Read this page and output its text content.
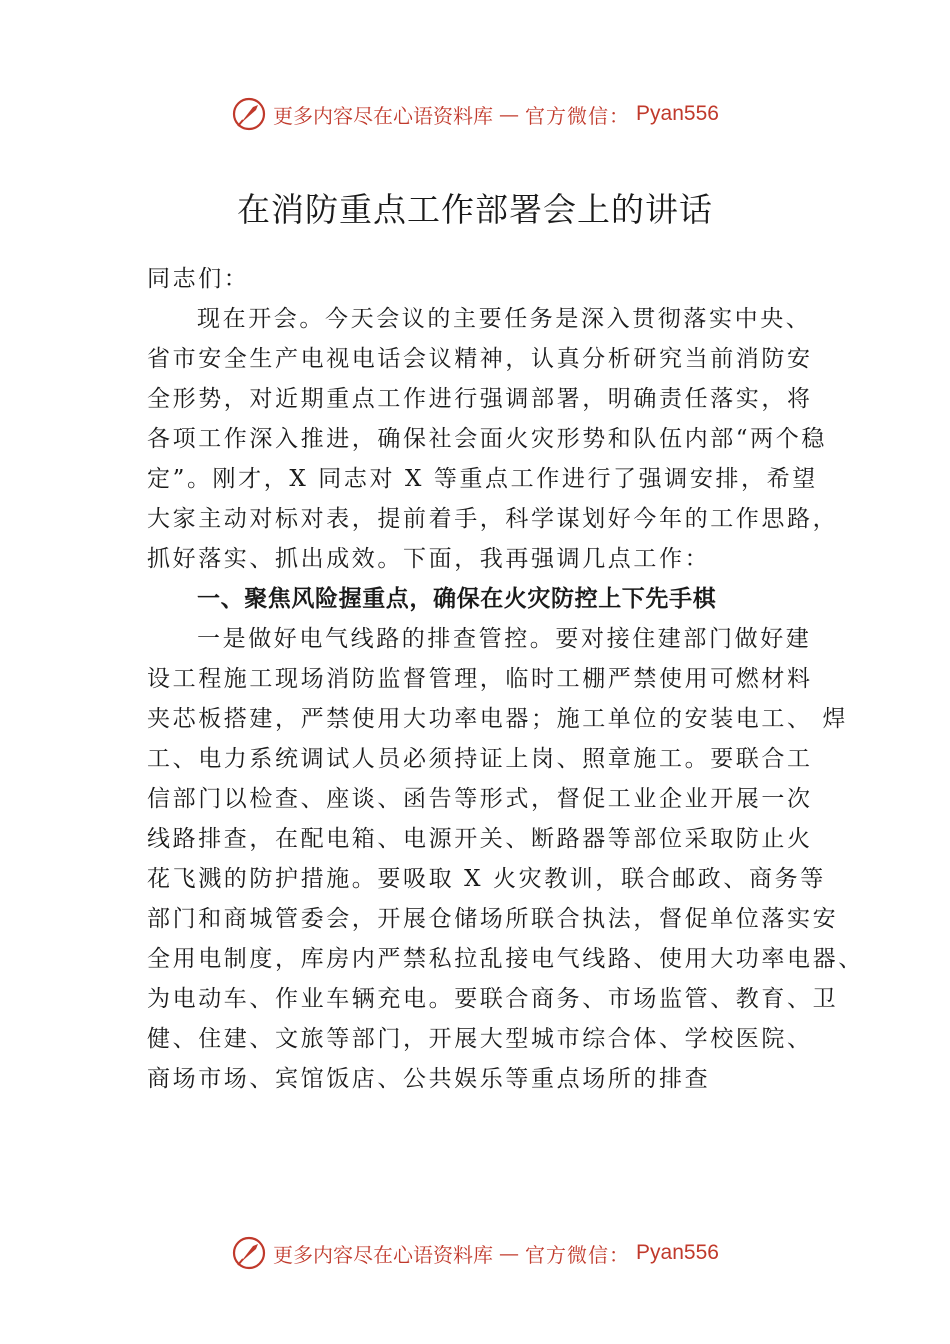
更多内容尽在心语资料库 — 官方微信： Pyan556
在消防重点工作部署会上的讲话
同志们：
现在开会。今天会议的主要任务是深入贯彻落实中央、
省市安全生产电视电话会议精神，认真分析研究当前消防安
全形势，对近期重点工作进行强调部署，明确责任落实，将
各项工作深入推进，确保社会面火灾形势和队伍内部“两个稳
定”。刚才，X 同志对 X 等重点工作进行了强调安排，希望
大家主动对标对表，提前着手，科学谋划好今年的工作思路，
抓好落实、抓出成效。下面，我再强调几点工作：
一、聚焦风险握重点，确保在火灾防控上下先手棋
一是做好电气线路的排查管控。要对接住建部门做好建
设工程施工现场消防监督管理，临时工棚严禁使用可燃材料
夹芯板搭建，严禁使用大功率电器；施工单位的安装电工、 焊
工、电力系统调试人员必须持证上岗、照章施工。要联合工
信部门以检查、座谈、函告等形式，督促工业企业开展一次
线路排查，在配电箱、电源开关、断路器等部位采取防止火
花飞溅的防护措施。要吸取 X 火灾教训，联合邮政、商务等
部门和商城管委会，开展仓储场所联合执法，督促单位落实安
全用电制度，库房内严禁私拉乱接电气线路、使用大功率电器、
为电动车、作业车辆充电。要联合商务、市场监管、教育、卫
健、住建、文旅等部门，开展大型城市综合体、学校医院、
商场市场、宾馆饭店、公共娱乐等重点场所的排查
更多内容尽在心语资料库 — 官方微信： Pyan556
